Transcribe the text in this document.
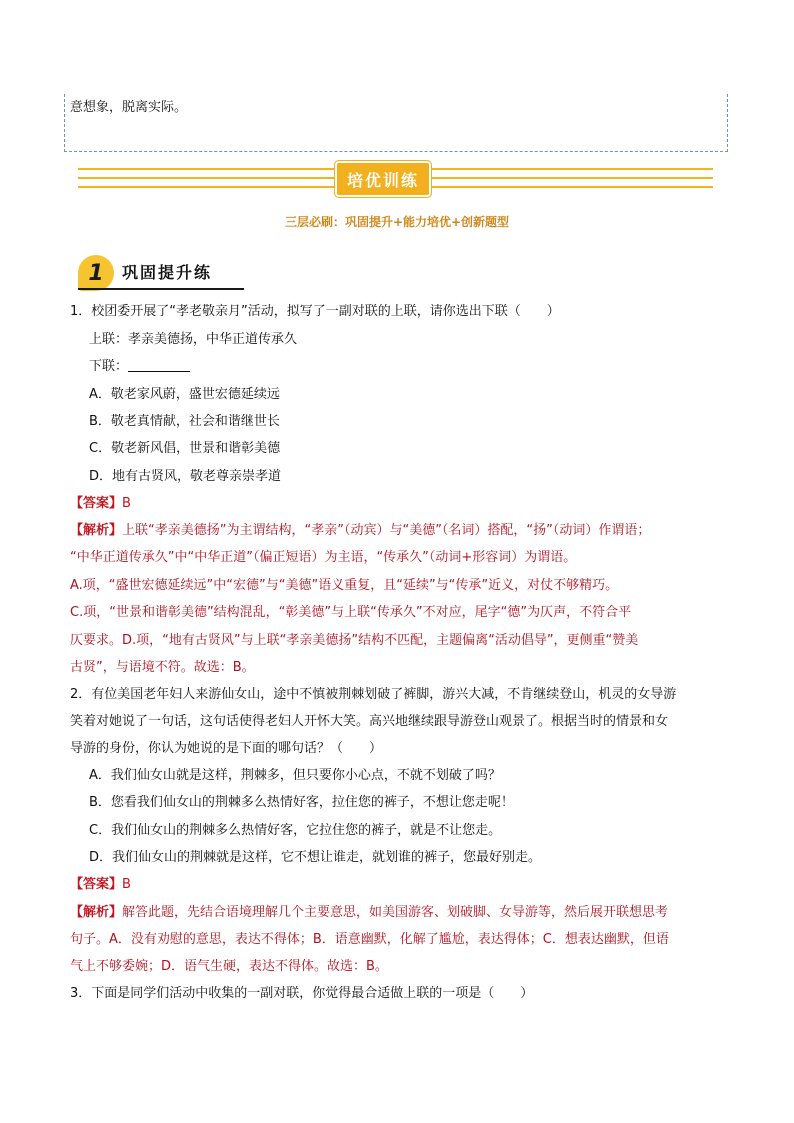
意想象，脱离实际。
培优训练
三层必刷：巩固提升+能力培优+创新题型
1	巩固提升练
1．校团委开展了“孝老敬亲月”活动，拟写了一副对联的上联，请你选出下联（　　）
上联：孝亲美德扬，中华正道传承久
下联：
A．敬老家风蔚，盛世宏德延续远
B．敬老真情献，社会和谐继世长
C．敬老新风倡，世景和谐彰美德
D．地有古贤风，敬老尊亲崇孝道
【答案】B
【解析】上联“孝亲美德扬”为主谓结构，“孝亲”（动宾）与“美德”（名词）搭配，“扬”（动词）作谓语；
“中华正道传承久”中“中华正道”（偏正短语）为主语，“传承久”（动词+形容词）为谓语。
A.项，“盛世宏德延续远”中“宏德”与“美德”语义重复，且“延续”与“传承”近义，对仗不够精巧。
C.项，“世景和谐彰美德”结构混乱，“彰美德”与上联“传承久”不对应，尾字“德”为仄声，不符合平
仄要求。D.项，“地有古贤风”与上联“孝亲美德扬”结构不匹配，主题偏离“活动倡导”，更侧重“赞美
古贤”，与语境不符。故选：B。
2．有位美国老年妇人来游仙女山，途中不慎被荆棘划破了裤脚，游兴大减，不肯继续登山，机灵的女导游
笑着对她说了一句话，这句话使得老妇人开怀大笑。高兴地继续跟导游登山观景了。根据当时的情景和女
导游的身份，你认为她说的是下面的哪句话？（　　）
A．我们仙女山就是这样，荆棘多，但只要你小心点，不就不划破了吗？
B．您看我们仙女山的荆棘多么热情好客，拉住您的裤子，不想让您走呢！
C．我们仙女山的荆棘多么热情好客，它拉住您的裤子，就是不让您走。
D．我们仙女山的荆棘就是这样，它不想让谁走，就划谁的裤子，您最好别走。
【答案】B
【解析】解答此题，先结合语境理解几个主要意思，如美国游客、划破脚、女导游等，然后展开联想思考
句子。A．没有劝慰的意思，表达不得体；B．语意幽默，化解了尴尬，表达得体；C．想表达幽默，但语
气上不够委婉；D．语气生硬，表达不得体。故选：B。
3．下面是同学们活动中收集的一副对联，你觉得最合适做上联的一项是（　　）
